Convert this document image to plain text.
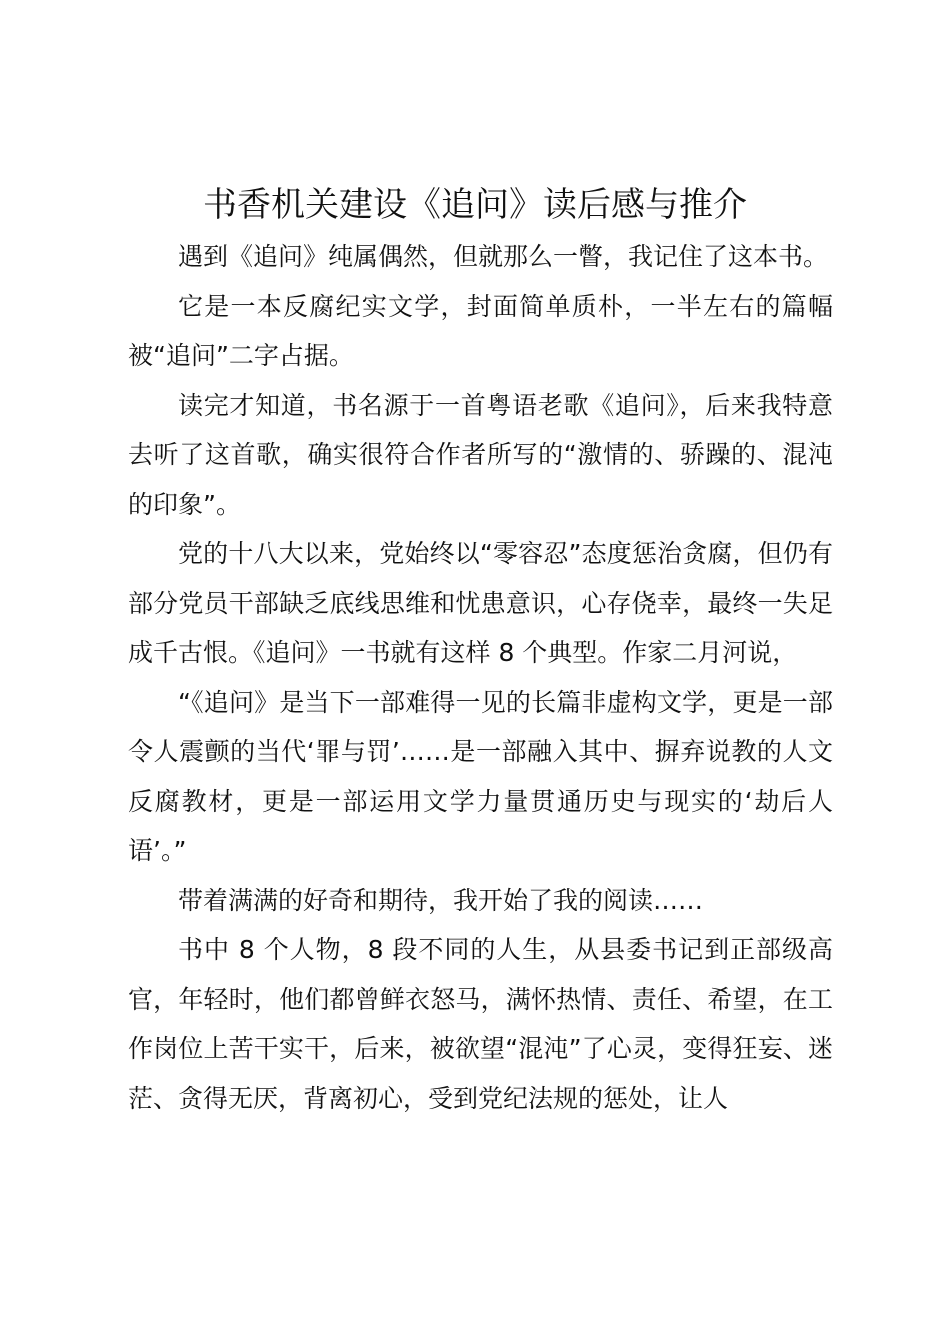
书香机关建设《追问》读后感与推介

遇到《追问》纯属偶然，但就那么一瞥，我记住了这本书。

它是一本反腐纪实文学，封面简单质朴，一半左右的篇幅被“追问”二字占据。

读完才知道，书名源于一首粤语老歌《追问》，后来我特意去听了这首歌，确实很符合作者所写的“激情的、骄躁的、混沌的印象”。

党的十八大以来，党始终以“零容忍”态度惩治贪腐，但仍有部分党员干部缺乏底线思维和忧患意识，心存侥幸，最终一失足成千古恨。《追问》一书就有这样 8 个典型。作家二月河说，

“《追问》是当下一部难得一见的长篇非虚构文学，更是一部令人震颤的当代‘罪与罚’……是一部融入其中、摒弃说教的人文反腐教材，更是一部运用文学力量贯通历史与现实的‘劫后人语’。”

带着满满的好奇和期待，我开始了我的阅读……

书中 8 个人物，8 段不同的人生，从县委书记到正部级高官，年轻时，他们都曾鲜衣怒马，满怀热情、责任、希望，在工作岗位上苦干实干，后来，被欲望“混沌”了心灵，变得狂妄、迷茫、贪得无厌，背离初心，受到党纪法规的惩处，让人
